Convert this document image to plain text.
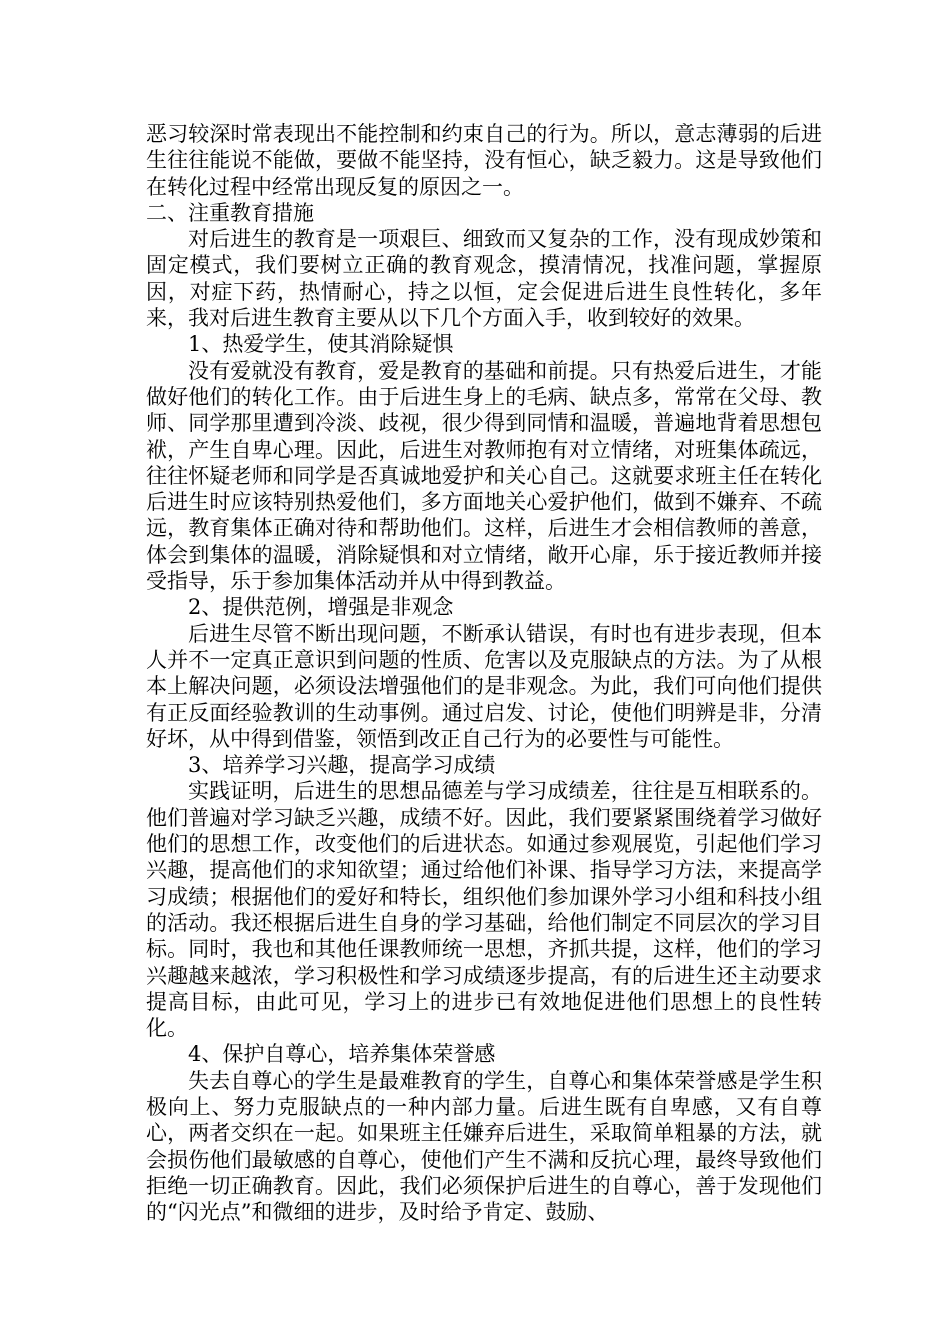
恶习较深时常表现出不能控制和约束自己的行为。所以，意志薄弱的后进生往往能说不能做，要做不能坚持，没有恒心，缺乏毅力。这是导致他们在转化过程中经常出现反复的原因之一。

二、注重教育措施

对后进生的教育是一项艰巨、细致而又复杂的工作，没有现成妙策和固定模式，我们要树立正确的教育观念，摸清情况，找准问题，掌握原因，对症下药，热情耐心，持之以恒，定会促进后进生良性转化，多年来，我对后进生教育主要从以下几个方面入手，收到较好的效果。

1、热爱学生，使其消除疑惧

没有爱就没有教育，爱是教育的基础和前提。只有热爱后进生，才能做好他们的转化工作。由于后进生身上的毛病、缺点多，常常在父母、教师、同学那里遭到冷淡、歧视，很少得到同情和温暖，普遍地背着思想包袱，产生自卑心理。因此，后进生对教师抱有对立情绪，对班集体疏远，往往怀疑老师和同学是否真诚地爱护和关心自己。这就要求班主任在转化后进生时应该特别热爱他们，多方面地关心爱护他们，做到不嫌弃、不疏远，教育集体正确对待和帮助他们。这样，后进生才会相信教师的善意，体会到集体的温暖，消除疑惧和对立情绪，敞开心扉，乐于接近教师并接受指导，乐于参加集体活动并从中得到教益。

2、提供范例，增强是非观念

后进生尽管不断出现问题，不断承认错误，有时也有进步表现，但本人并不一定真正意识到问题的性质、危害以及克服缺点的方法。为了从根本上解决问题，必须设法增强他们的是非观念。为此，我们可向他们提供有正反面经验教训的生动事例。通过启发、讨论，使他们明辨是非，分清好坏，从中得到借鉴，领悟到改正自己行为的必要性与可能性。

3、培养学习兴趣，提高学习成绩

实践证明，后进生的思想品德差与学习成绩差，往往是互相联系的。他们普遍对学习缺乏兴趣，成绩不好。因此，我们要紧紧围绕着学习做好他们的思想工作，改变他们的后进状态。如通过参观展览，引起他们学习兴趣，提高他们的求知欲望；通过给他们补课、指导学习方法，来提高学习成绩；根据他们的爱好和特长，组织他们参加课外学习小组和科技小组的活动。我还根据后进生自身的学习基础，给他们制定不同层次的学习目标。同时，我也和其他任课教师统一思想，齐抓共提，这样，他们的学习兴趣越来越浓，学习积极性和学习成绩逐步提高，有的后进生还主动要求提高目标，由此可见，学习上的进步已有效地促进他们思想上的良性转化。

4、保护自尊心，培养集体荣誉感

失去自尊心的学生是最难教育的学生，自尊心和集体荣誉感是学生积极向上、努力克服缺点的一种内部力量。后进生既有自卑感，又有自尊心，两者交织在一起。如果班主任嫌弃后进生，采取简单粗暴的方法，就会损伤他们最敏感的自尊心，使他们产生不满和反抗心理，最终导致他们拒绝一切正确教育。因此，我们必须保护后进生的自尊心，善于发现他们的“闪光点”和微细的进步，及时给予肯定、鼓励、
